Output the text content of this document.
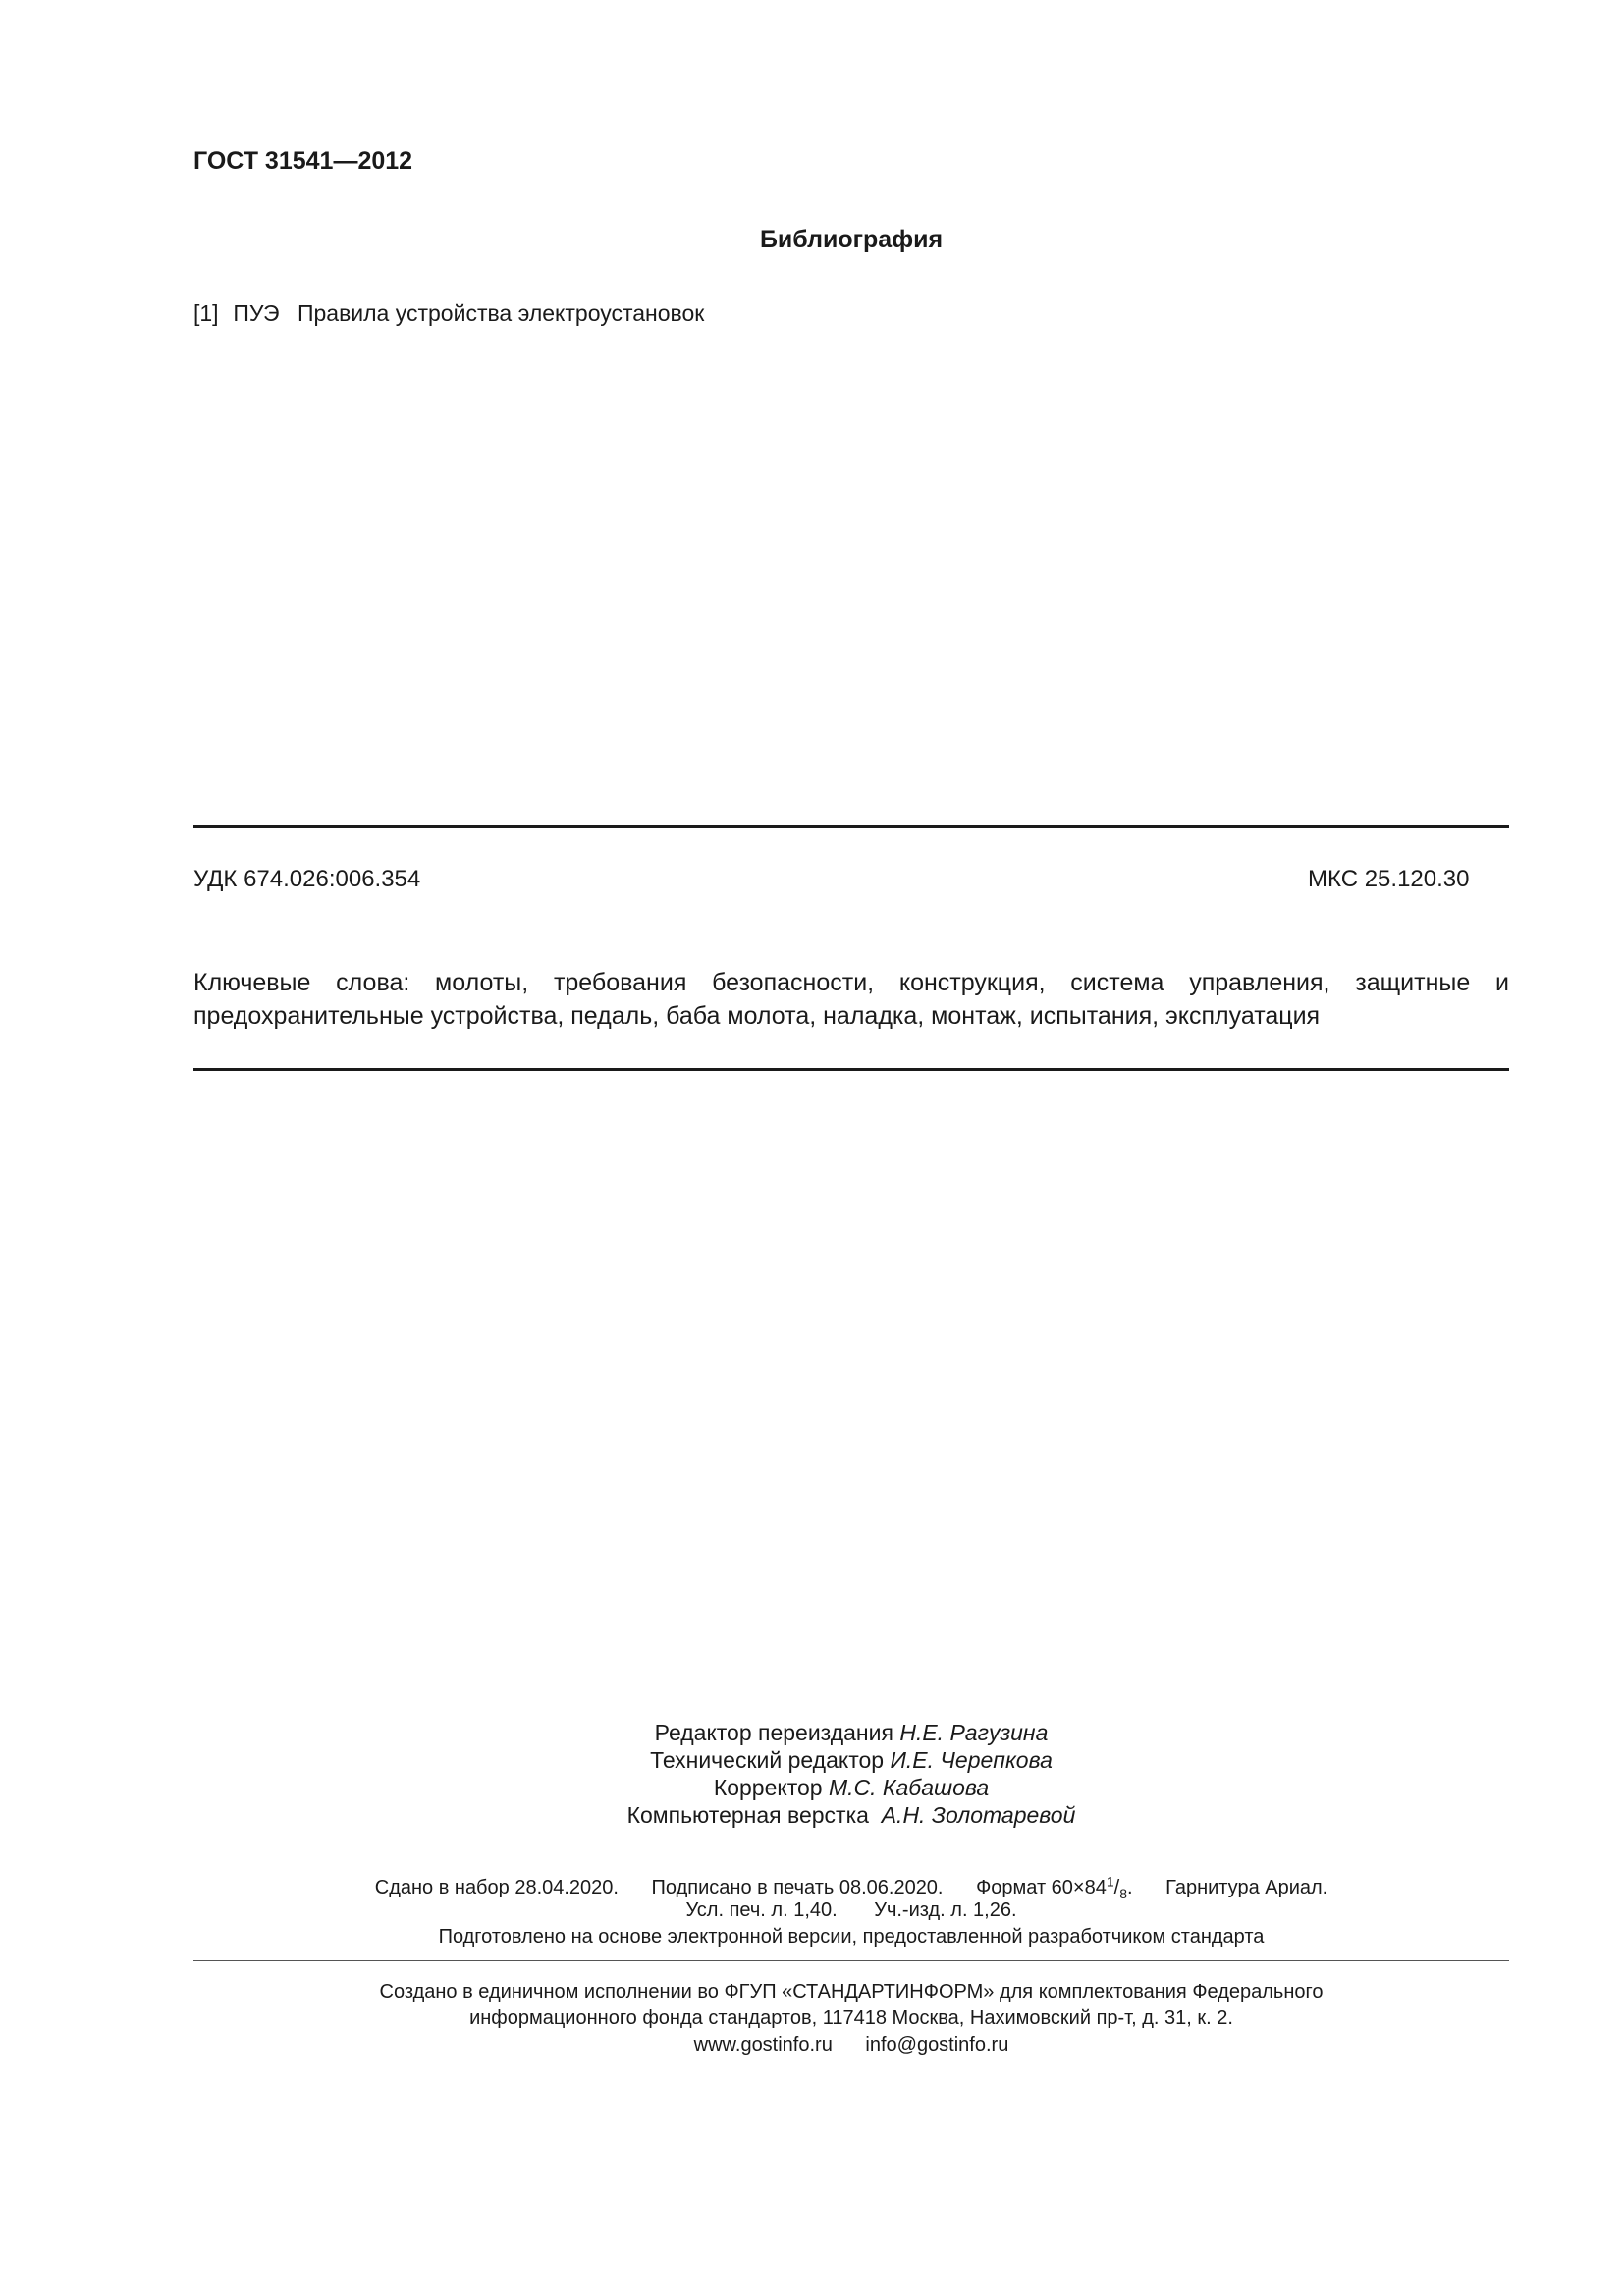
ГОСТ 31541—2012
Библиография
[1] ПУЭ Правила устройства электроустановок
УДК 674.026:006.354	МКС 25.120.30
Ключевые слова: молоты, требования безопасности, конструкция, система управления, защитные и предохранительные устройства, педаль, баба молота, наладка, монтаж, испытания, эксплуатация
Редактор переиздания Н.Е. Рагузина
Технический редактор И.Е. Черепкова
Корректор М.С. Кабашова
Компьютерная верстка А.Н. Золотаревой
Сдано в набор 28.04.2020. Подписано в печать 08.06.2020. Формат $60\times 84^1/_8$. Гарнитура Ариал.
Усл. печ. л. 1,40. Уч.-изд. л. 1,26.
Подготовлено на основе электронной версии, предоставленной разработчиком стандарта
Создано в единичном исполнении во ФГУП «СТАНДАРТИНФОРМ» для комплектования Федерального
информационного фонда стандартов, 117418 Москва, Нахимовский пр-т, д. 31, к. 2.
www.gostinfo.ru info@gostinfo.ru
